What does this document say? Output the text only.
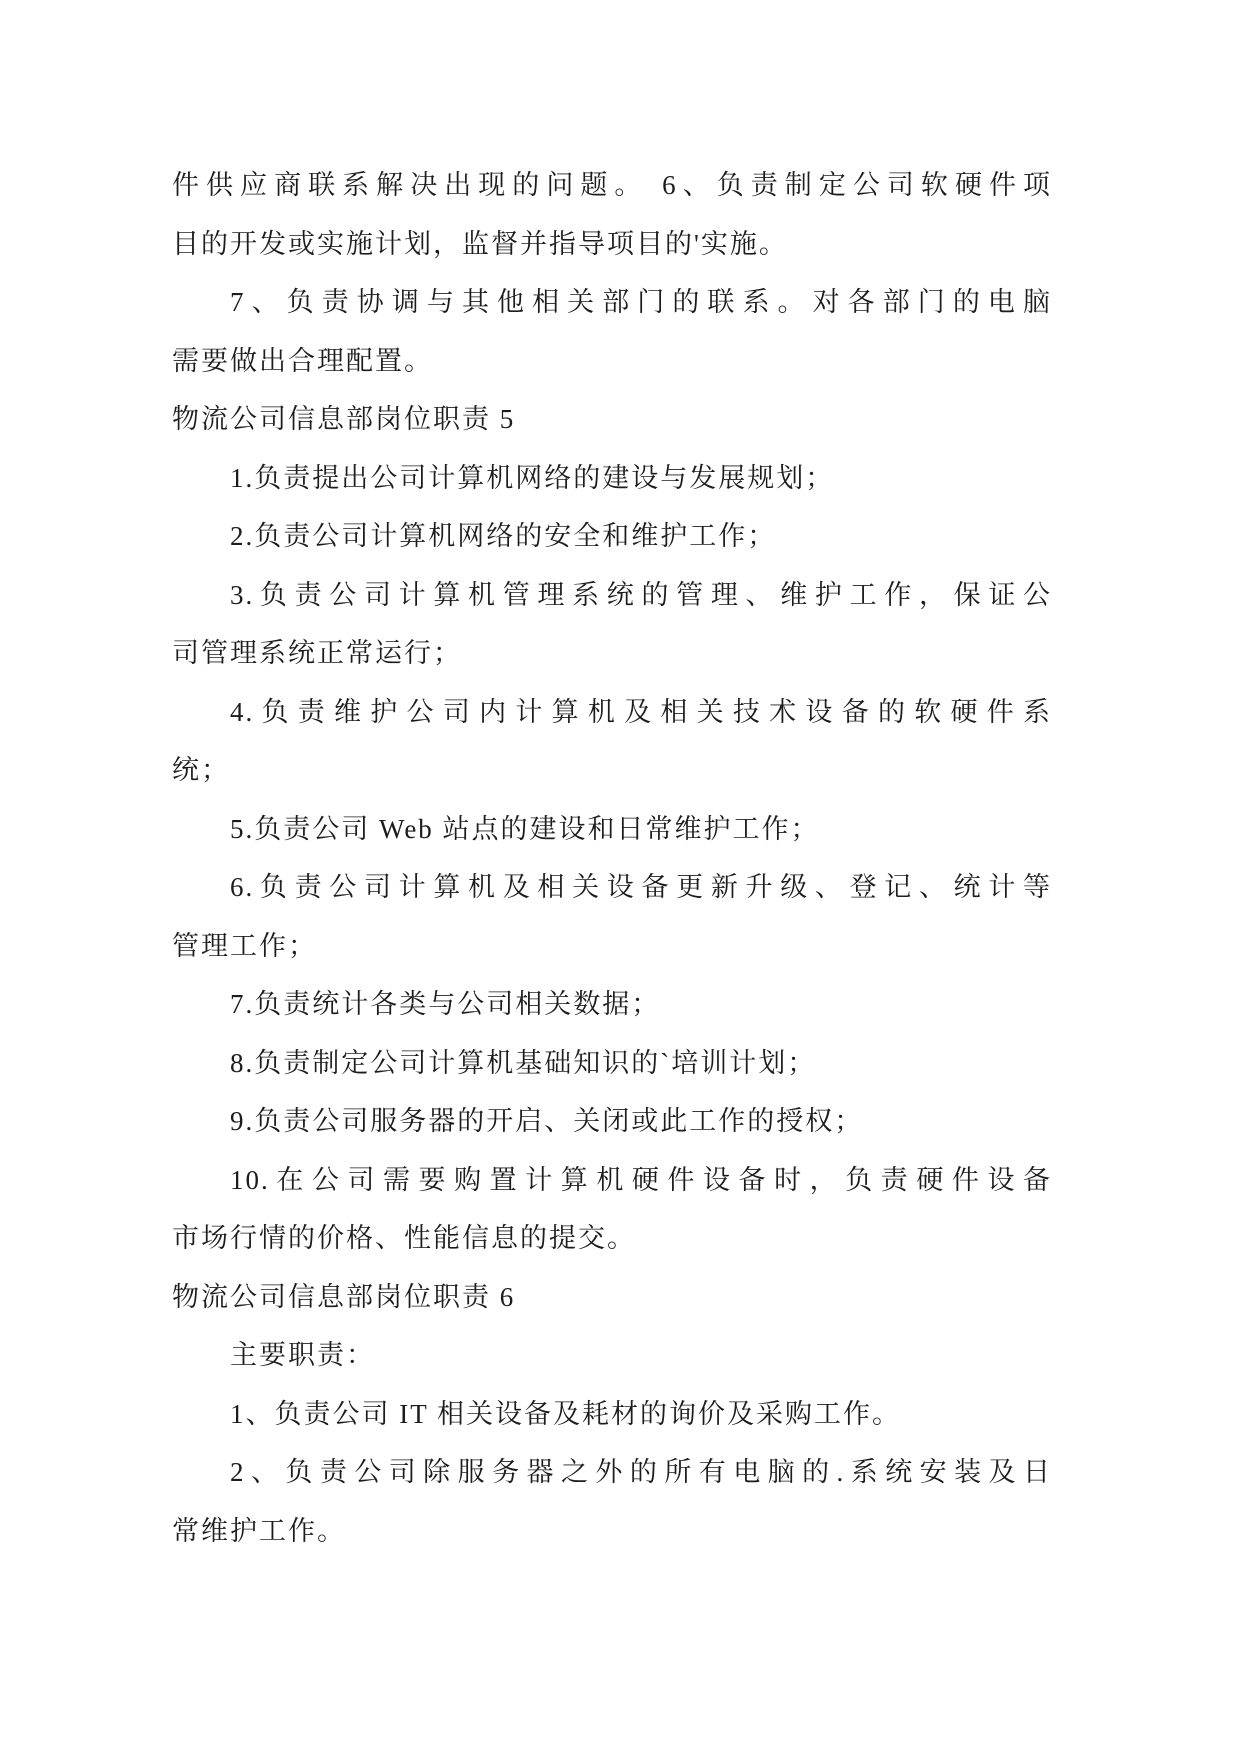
件供应商联系解决出现的问题。 6、负责制定公司软硬件项
目的开发或实施计划，监督并指导项目的'实施。
7、负责协调与其他相关部门的联系。对各部门的电脑
需要做出合理配置。
物流公司信息部岗位职责 5
1.负责提出公司计算机网络的建设与发展规划；
2.负责公司计算机网络的安全和维护工作；
3.负责公司计算机管理系统的管理、维护工作，保证公
司管理系统正常运行；
4.负责维护公司内计算机及相关技术设备的软硬件系
统；
5.负责公司 Web 站点的建设和日常维护工作；
6.负责公司计算机及相关设备更新升级、登记、统计等
管理工作；
7.负责统计各类与公司相关数据；
8.负责制定公司计算机基础知识的`培训计划；
9.负责公司服务器的开启、关闭或此工作的授权；
10.在公司需要购置计算机硬件设备时，负责硬件设备
市场行情的价格、性能信息的提交。
物流公司信息部岗位职责 6
主要职责：
1、负责公司 IT 相关设备及耗材的询价及采购工作。
2、负责公司除服务器之外的所有电脑的.系统安装及日
常维护工作。
